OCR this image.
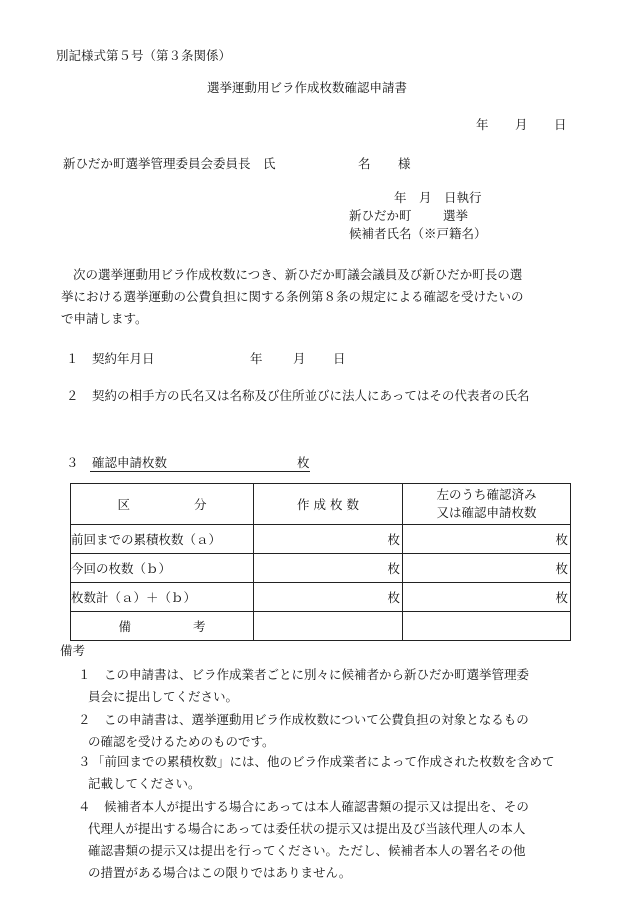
別記様式第５号（第３条関係）
選挙運動用ビラ作成枚数確認申請書
年 月 日
新ひだか町選挙管理委員会委員長　氏	名 様
年　月　日執行
新ひだか町	選挙
候補者氏名（※戸籍名）
次の選挙運動用ビラ作成枚数につき、新ひだか町議会議員及び新ひだか町長の選
挙における選挙運動の公費負担に関する条例第８条の規定による確認を受けたいの
で申請します。
１ 契約年月日	年 月 日
２ 契約の相手方の氏名又は名称及び住所並びに法人にあってはその代表者の氏名
３ 確認申請枚数	枚
区 分	作 成 枚 数	左のうち確認済み
又は確認申請枚数

前回までの累積枚数（ａ）	枚	枚
今回の枚数（ｂ）	枚	枚
枚数計（ａ）＋（ｂ）	枚	枚
備 考		
備考
１	この申請書は、ビラ作成業者ごとに別々に候補者から新ひだか町選挙管理委
員会に提出してください。
２	この申請書は、選挙運動用ビラ作成枚数について公費負担の対象となるもの
の確認を受けるためのものです。
３ 「前回までの累積枚数」には、他のビラ作成業者によって作成された枚数を含めて
記載してください。
４	候補者本人が提出する場合にあっては本人確認書類の提示又は提出を、その
代理人が提出する場合にあっては委任状の提示又は提出及び当該代理人の本人
確認書類の提示又は提出を行ってください。ただし、候補者本人の署名その他
の措置がある場合はこの限りではありません。
